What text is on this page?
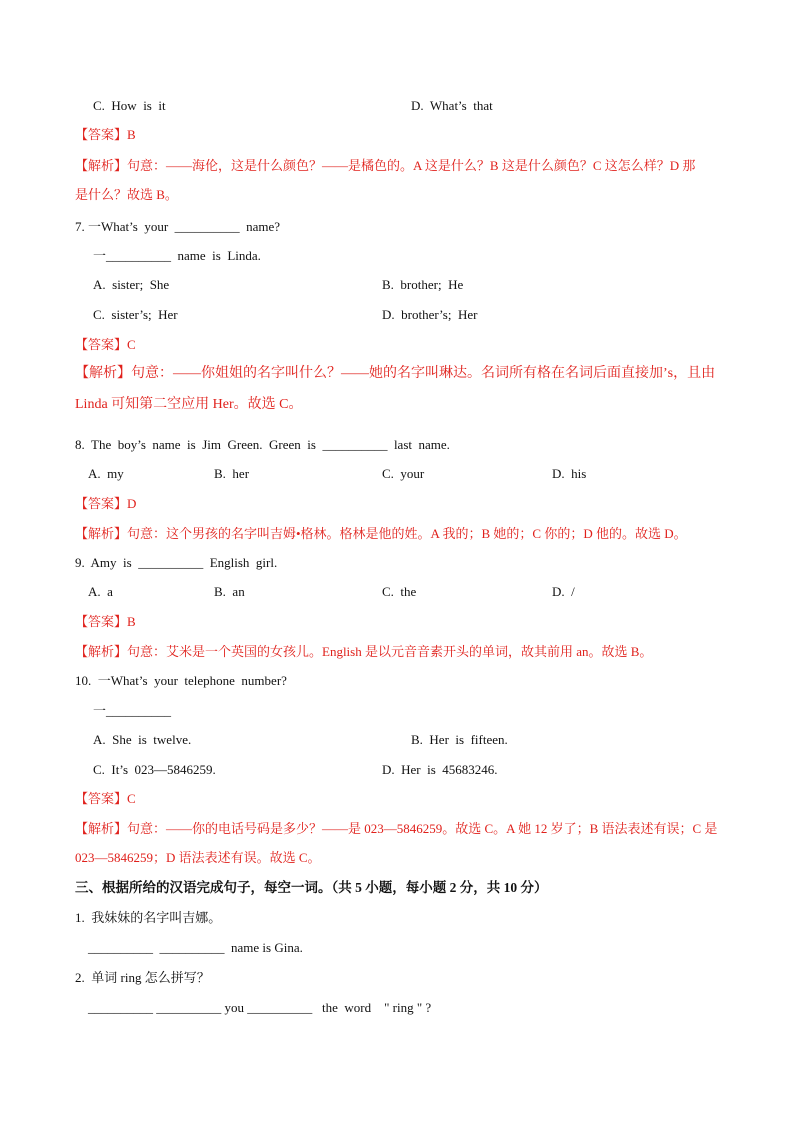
C.  How  is  it	D.  What’s  that
【答案】B
【解析】句意：——海伦，这是什么颜色？——是橘色的。A 这是什么？B 这是什么颜色？C 这怎么样？D 那
是什么？故选 B。
7. 一What’s  your  __________  name?
一__________  name  is  Linda.
A.  sister;  She	B.  brother;  He
C.  sister’s;  Her	D.  brother’s;  Her
【答案】C
【解析】句意：——你姐姐的名字叫什么？——她的名字叫琳达。名词所有格在名词后面直接加’s，且由
Linda 可知第二空应用 Her。故选 C。
8.  The  boy’s  name  is  Jim  Green.  Green  is  __________  last  name.
A.  my	B.  her	C.  your	D.  his
【答案】D
【解析】句意：这个男孩的名字叫吉姆•格林。格林是他的姓。A 我的；B 她的；C 你的；D 他的。故选 D。
9.  Amy  is  __________  English  girl.
A.  a	B.  an	C.  the	D.  /
【答案】B
【解析】句意：艾米是一个英国的女孩儿。English 是以元音音素开头的单词，故其前用 an。故选 B。
10.  一What’s  your  telephone  number?
一__________
A.  She  is  twelve.	B.  Her  is  fifteen.
C.  It’s  023—5846259.	D.  Her  is  45683246.
【答案】C
【解析】句意：——你的电话号码是多少？——是 023—5846259。故选 C。A 她 12 岁了；B 语法表述有误；C 是
023—5846259；D 语法表述有误。故选 C。
三、根据所给的汉语完成句子，每空一词。（共 5 小题，每小题 2 分，共 10 分）
1.  我妹妹的名字叫吉娜。
__________  __________  name is Gina.
2.  单词 ring 怎么拼写？
__________ __________ you __________   the  word    " ring " ?
